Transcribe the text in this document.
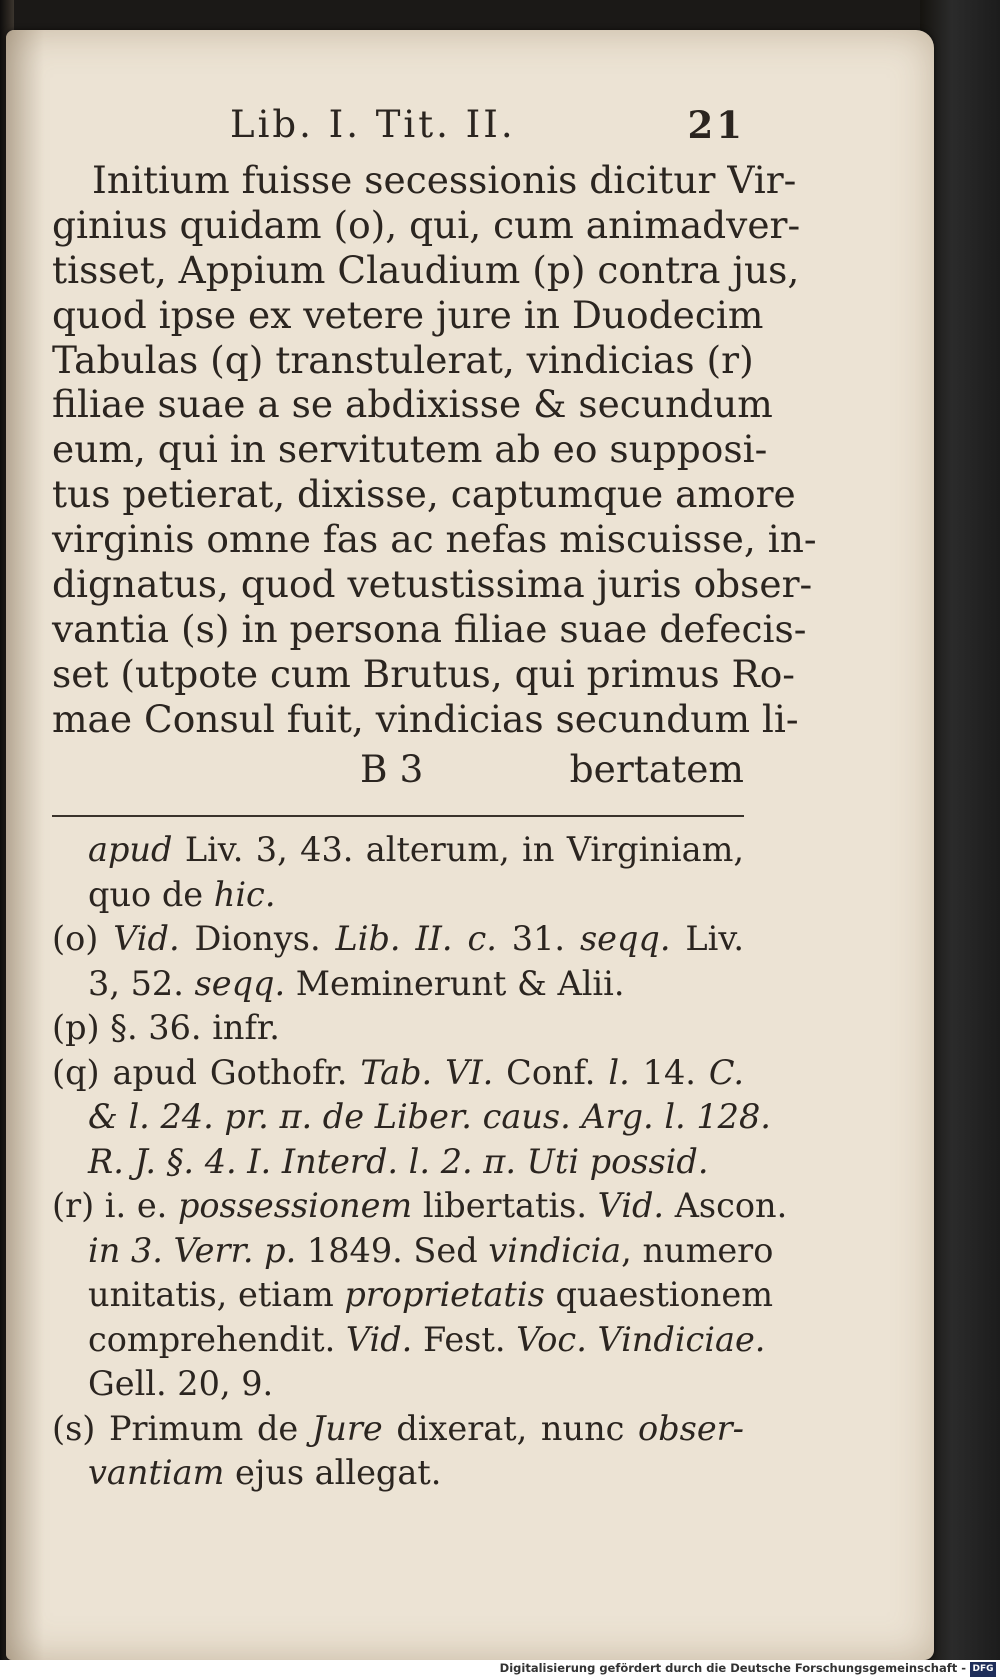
Lib. I. Tit. II.	21
Initium fuisse secessionis dicitur Vir-
ginius quidam (o), qui, cum animadver-
tisset, Appium Claudium (p) contra jus,
quod ipse ex vetere jure in Duodecim
Tabulas (q) transtulerat, vindicias (r)
filiae suae a se abdixisse & secundum
eum, qui in servitutem ab eo supposi-
tus petierat, dixisse, captumque amore
virginis omne fas ac nefas miscuisse, in-
dignatus, quod vetustissima juris obser-
vantia (s) in persona filiae suae defecis-
set (utpote cum Brutus, qui primus Ro-
mae Consul fuit, vindicias secundum li-
B 3	bertatem
apud Liv. 3, 43. alterum, in Virginiam,
quo de hic.
(o) Vid. Dionys. Lib. II. c. 31. seqq. Liv.
3, 52. seqq. Meminerunt & Alii.
(p) §. 36. infr.
(q) apud Gothofr. Tab. VI. Conf. l. 14. C.
& l. 24. pr. π. de Liber. caus. Arg. l. 128.
R. J. §. 4. I. Interd. l. 2. π. Uti possid.
(r) i. e. possessionem libertatis. Vid. Ascon.
in 3. Verr. p. 1849. Sed vindicia, numero
unitatis, etiam proprietatis quaestionem
comprehendit. Vid. Fest. Voc. Vindiciae.
Gell. 20, 9.
(s) Primum de Jure dixerat, nunc obser-
vantiam ejus allegat.
Digitalisierung gefördert durch die Deutsche Forschungsgemeinschaft - DFG
